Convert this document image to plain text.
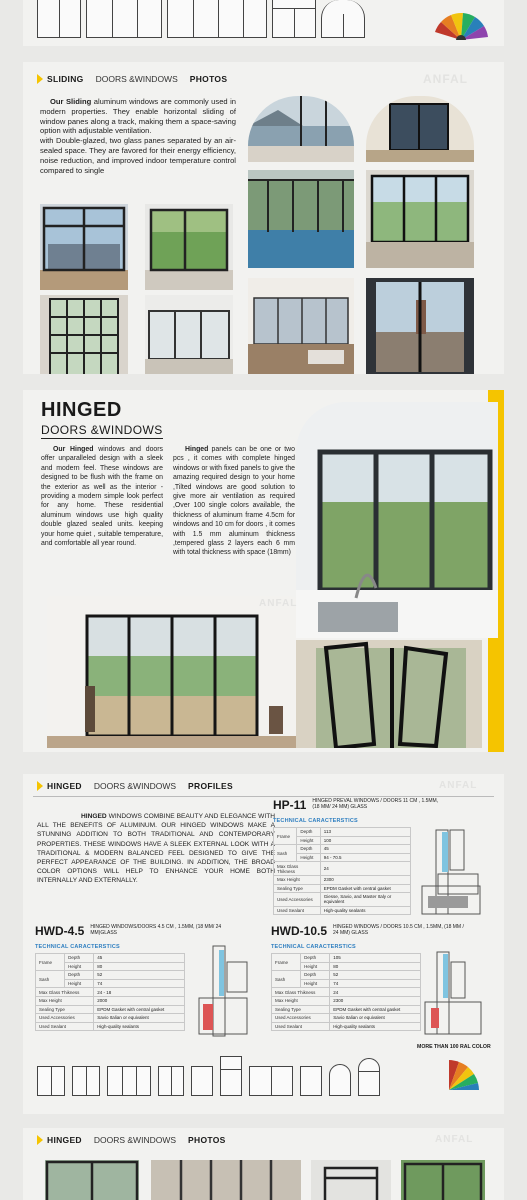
SLIDING DOORS &WINDOWS PHOTOS	ANFAL

Our Sliding aluminum windows are commonly used in modern properties. They enable horizontal sliding of window panes along a track, making them a space-saving option with adjustable ventilation.

with Double-glazed, two glass panes separated by an air-sealed space. They are favored for their energy efficiency, noise reduction, and improved indoor temperature control compared to single

HINGED
DOORS &WINDOWS
Our Hinged windows and doors offer unparalleled design with a sleek and modern feel. These windows are designed to be flush with the frame on the exterior as well as the interior - providing a modern simple look perfect for any home. These residential aluminum windows use high quality double glazed sealed units. keeping your home quiet , suitable temperature, and comfortable all year round.
Hinged panels can be one or two pcs , it comes with complete hinged windows or with fixed panels to give the amazing required design to your home ,Tilted windows are good solution to give more air ventilation as required ,Over 100 single colors available, the thickness of aluminum frame 4.5cm for windows and 10 cm for doors , it comes with 1.5 mm aluminum thickness ,tempered glass 2 layers each 6 mm with total thickness with space (18mm)
ANFAL
HINGED DOORS &WINDOWS PROFILES	ANFAL
HINGED WINDOWS COMBINE BEAUTY AND ELEGANCE WITH ALL THE BENEFITS OF ALUMINUM. OUR HINGED WINDOWS MAKE A STUNNING ADDITION TO BOTH TRADITIONAL AND CONTEMPORARY PROPERTIES. THESE WINDOWS HAVE A SLEEK EXTERNAL LOOK WITH A TRADITIONAL & MODERN BALANCED FEEL DESIGNED TO GIVE THE PERFECT APPEARANCE OF THE BUILDING. IN ADDITION, THE BROAD COLOR OPTIONS WILL HELP TO ENHANCE YOUR HOME BOTH INTERNALLY AND EXTERNALLY.
HP-11 HINGED PREVAL WINDOWS / DOORS 11 CM , 1.5MM, (18 MM/ 24 MM) GLASS
TECHNICAL CARACTERSTICS
Frame	Depth	113
	Height	100
Sash	Depth	45
	Height	94 - 70.5
Max Glass Thikness		24
Max Height		2300
Sealing Type		EPDM Gasket with central gasket
Used Accessories		Giesse, Savio, and Master Italy or equivalent
Used Sealant		High-quality sealants
HWD-4.5 HINGED WINDOWS/DOORS 4.5 CM , 1.5MM, (18 MM/ 24 MM)GLASS
TECHNICAL CARACTERSTICS
Frame	Depth	45
	Height	80
Sash	Depth	52
	Height	74
Max Glass Thikness		24 - 18
Max Height		2000
Sealing Type		EPDM Gasket with central gasket
Used Accessories		Savio Italian or equivalent
Used Sealant		High-quality sealants
HWD-10.5 HINGED WINDOWS / DOORS 10.5 CM , 1.5MM, (18 MM / 24 MM) GLASS
TECHNICAL CARACTERSTICS
Frame	Depth	105
	Height	80
Sash	Depth	52
	Height	74
Max Glass Thikness		24
Max Height		2300
Sealing Type		EPDM Gasket with central gasket
Used Accessories		Savio Italian or equivalent
Used Sealant		High-quality sealants
MORE THAN 100 RAL COLOR
HINGED DOORS &WINDOWS PHOTOS	ANFAL
